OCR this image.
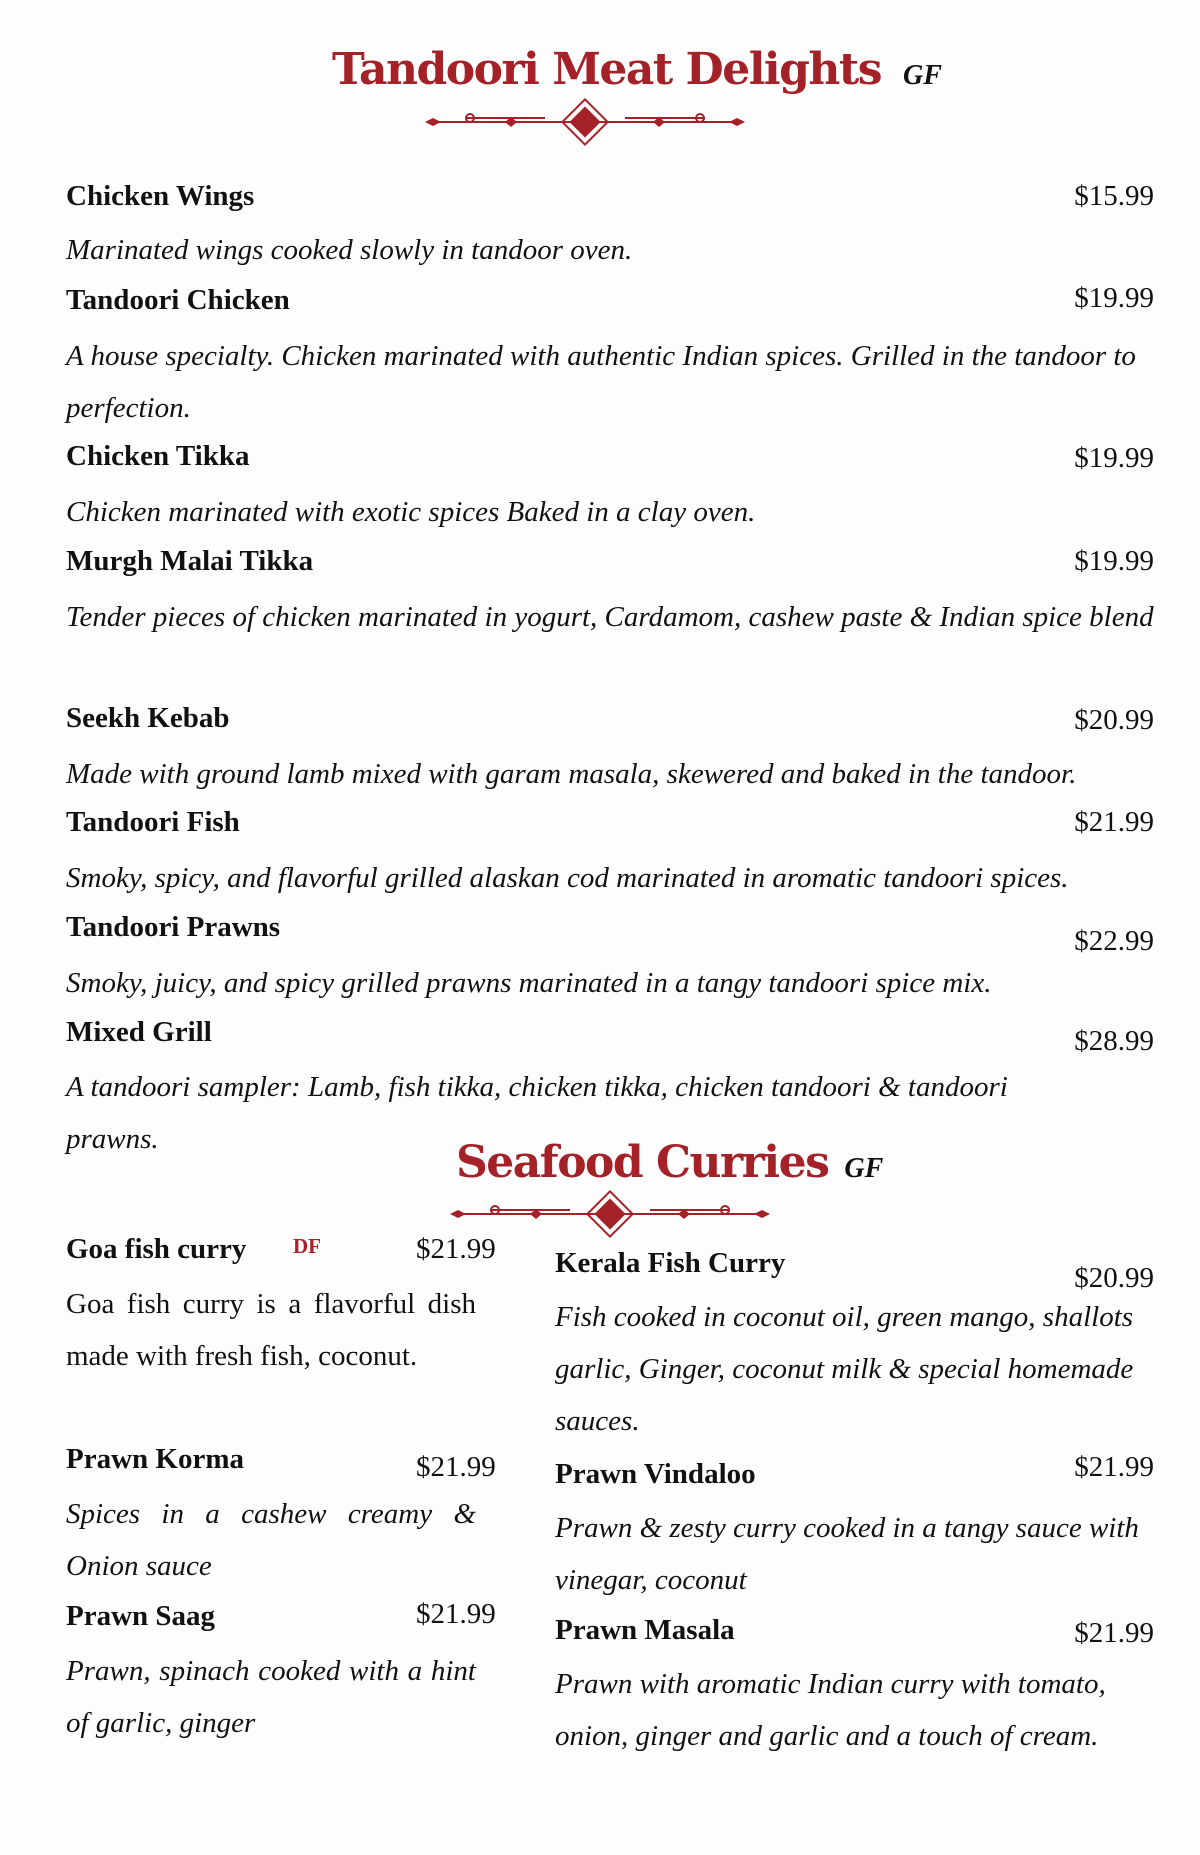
Tandoori Meat Delights GF
Chicken Wings	$15.99
Marinated wings cooked slowly in tandoor oven.
Tandoori Chicken	$19.99
A house specialty. Chicken marinated with authentic Indian spices. Grilled in the tandoor to perfection.
Chicken Tikka	$19.99
Chicken marinated with exotic spices Baked in a clay oven.
Murgh Malai Tikka	$19.99
Tender pieces of chicken marinated in yogurt, Cardamom, cashew paste & Indian spice blend
Seekh Kebab	$20.99
Made with ground lamb mixed with garam masala, skewered and baked in the tandoor.
Tandoori Fish	$21.99
Smoky, spicy, and flavorful grilled alaskan cod marinated in aromatic tandoori spices.
Tandoori Prawns	$22.99
Smoky, juicy, and spicy grilled prawns marinated in a tangy tandoori spice mix.
Mixed Grill	$28.99
A tandoori sampler: Lamb, fish tikka, chicken tikka, chicken tandoori & tandoori prawns.	Seafood Curries GF
Goa fish curry DF	$21.99
Goa fish curry is a flavorful dish made with fresh fish, coconut.
Prawn Korma	$21.99
Spices in a cashew creamy & Onion sauce
Prawn Saag	$21.99
Prawn, spinach cooked with a hint of garlic, ginger
Kerala Fish Curry	$20.99
Fish cooked in coconut oil, green mango, shallots garlic, Ginger, coconut milk & special homemade sauces.
Prawn Vindaloo	$21.99
Prawn & zesty curry cooked in a tangy sauce with vinegar, coconut
Prawn Masala	$21.99
Prawn with aromatic Indian curry with tomato, onion, ginger and garlic and a touch of cream.
